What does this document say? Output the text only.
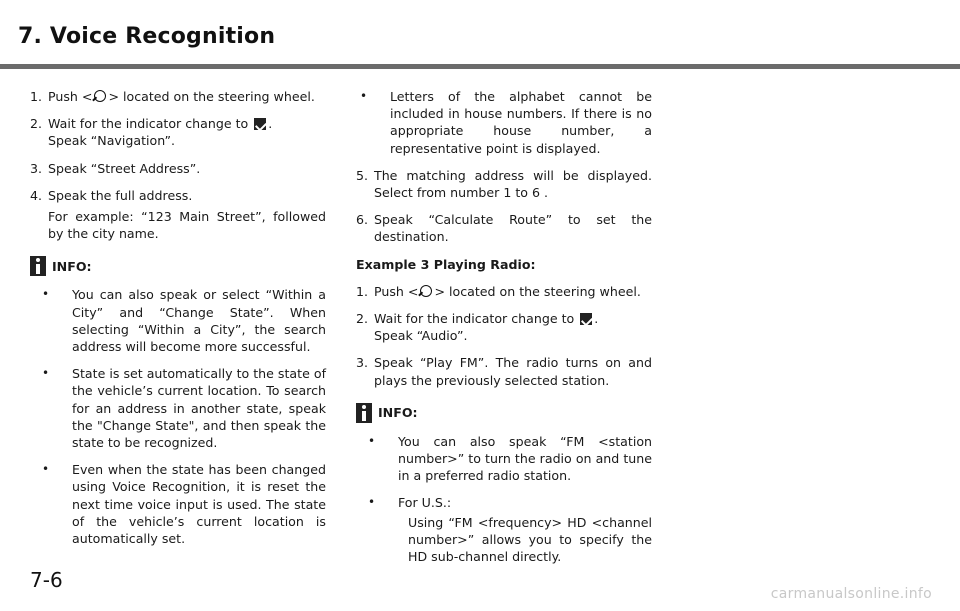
7. Voice Recognition

1. Push < > located on the steering wheel.

2. Wait for the indicator change to .
Speak “Navigation”.

3. Speak “Street Address”.

4. Speak the full address.

For example: “123 Main Street”, followed by the city name.

INFO:

• You can also speak or select “Within a City” and “Change State”. When selecting “Within a City”, the search address will become more successful.

• State is set automatically to the state of the vehicle’s current location. To search for an address in another state, speak the "Change State", and then speak the state to be recognized.

• Even when the state has been changed using Voice Recognition, it is reset the next time voice input is used. The state of the vehicle’s current location is automatically set.

• Letters of the alphabet cannot be included in house numbers. If there is no appropriate house number, a representative point is displayed.

5. The matching address will be displayed. Select from number 1 to 6 .

6. Speak “Calculate Route” to set the destination.

Example 3 Playing Radio:

1. Push < > located on the steering wheel.

2. Wait for the indicator change to .
Speak “Audio”.

3. Speak “Play FM”. The radio turns on and plays the previously selected station.

INFO:

• You can also speak “FM <station number>” to turn the radio on and tune in a preferred radio station.

• For U.S.:

Using “FM <frequency> HD <channel number>” allows you to specify the HD sub-channel directly.

7-6
carmanualsonline.info
